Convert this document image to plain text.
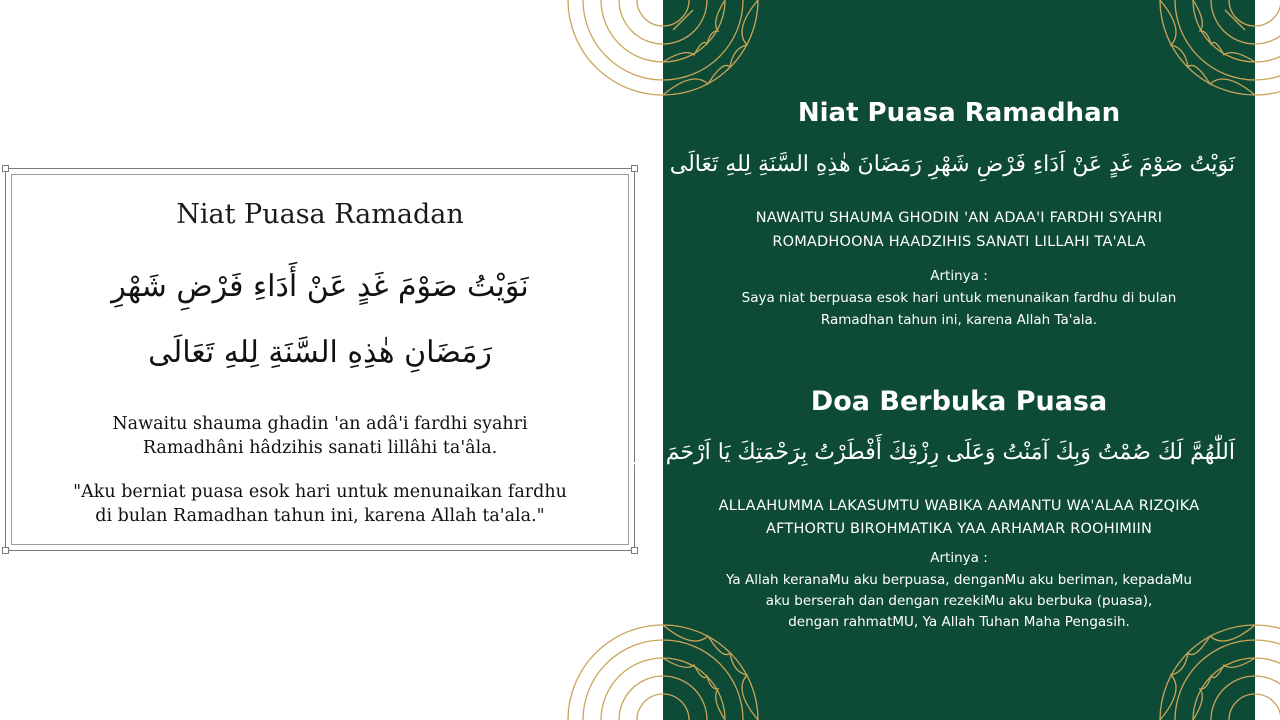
Niat Puasa Ramadan
نَوَيْتُ صَوْمَ غَدٍ عَنْ أَدَاءِ فَرْضِ شَهْرِ
رَمَضَانِ هٰذِهِ السَّنَةِ لِلهِ تَعَالَى
Nawaitu shauma ghadin 'an adâ'i fardhi syahri
Ramadhâni hâdzihis sanati lillâhi ta'âla.
"Aku berniat puasa esok hari untuk menunaikan fardhu
di bulan Ramadhan tahun ini, karena Allah ta'ala."
Niat Puasa Ramadhan
نَوَيْتُ صَوْمَ غَدٍ عَنْ اَدَاءِ فَرْضِ شَهْرِ رَمَضَانَ هٰذِهِ السَّنَةِ لِلهِ تَعَالَى
NAWAITU SHAUMA GHODIN 'AN ADAA'I FARDHI SYAHRI
ROMADHOONA HAADZIHIS SANATI LILLAHI TA'ALA
Artinya :
Saya niat berpuasa esok hari untuk menunaikan fardhu di bulan
Ramadhan tahun ini, karena Allah Ta'ala.
Doa Berbuka Puasa
اَللّٰهُمَّ لَكَ صُمْتُ وَبِكَ آمَنْتُ وَعَلَى رِزْقِكَ أَفْطَرْتُ بِرَحْمَتِكَ يَا اَرْحَمَ الرَّاحِمِيْنَ
ALLAAHUMMA LAKASUMTU WABIKA AAMANTU WA'ALAA RIZQIKA
AFTHORTU BIROHMATIKA YAA ARHAMAR ROOHIMIIN
Artinya :
Ya Allah keranaMu aku berpuasa, denganMu aku beriman, kepadaMu
aku berserah dan dengan rezekiMu aku berbuka (puasa),
dengan rahmatMU, Ya Allah Tuhan Maha Pengasih.
